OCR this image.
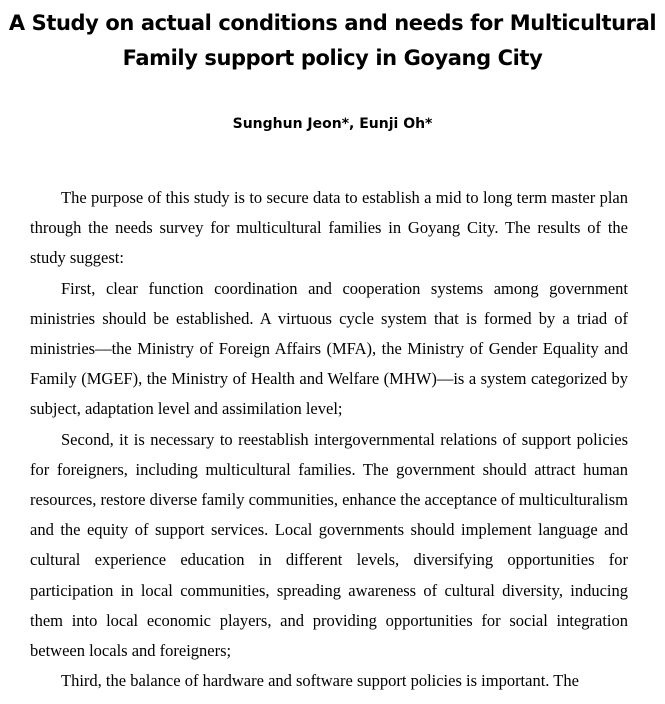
A Study on actual conditions and needs for Multicultural
Family support policy in Goyang City
Sunghun Jeon*, Eunji Oh*

The purpose of this study is to secure data to establish a mid to long term master plan through the needs survey for multicultural families in Goyang City. The results of the study suggest:

First, clear function coordination and cooperation systems among government ministries should be established. A virtuous cycle system that is formed by a triad of ministries—the Ministry of Foreign Affairs (MFA), the Ministry of Gender Equality and Family (MGEF), the Ministry of Health and Welfare (MHW)—is a system categorized by subject, adaptation level and assimilation level;

Second, it is necessary to reestablish intergovernmental relations of support policies for foreigners, including multicultural families. The government should attract human resources, restore diverse family communities, enhance the acceptance of multiculturalism and the equity of support services. Local governments should implement language and cultural experience education in different levels, diversifying opportunities for participation in local communities, spreading awareness of cultural diversity, inducing them into local economic players, and providing opportunities for social integration between locals and foreigners;

Third, the balance of hardware and software support policies is important. The
